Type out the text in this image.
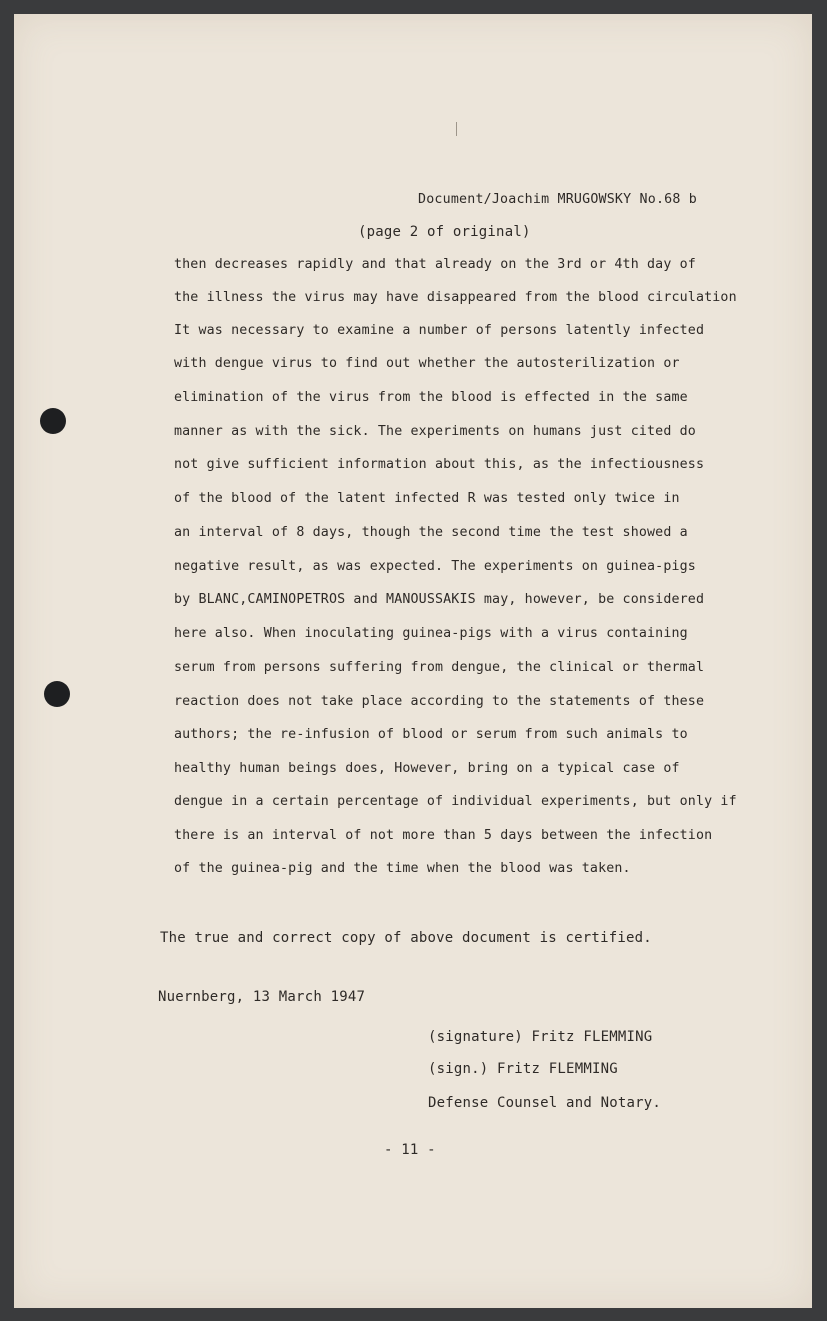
Document/Joachim MRUGOWSKY No.68 b
(page 2 of original)
then decreases rapidly and that already on the 3rd or 4th day of
the illness the virus may have disappeared from the blood circulation
It was necessary to examine a number of persons latently infected
with dengue virus to find out whether the autosterilization or
elimination of the virus from the blood is effected in the same
manner as with the sick. The experiments on humans just cited do
not give sufficient information about this, as the infectiousness
of the blood of the latent infected R was tested only twice in
an interval of 8 days, though the second time the test showed a
negative result, as was expected. The experiments on guinea-pigs
by BLANC,CAMINOPETROS and MANOUSSAKIS may, however, be considered
here also. When inoculating guinea-pigs with a virus containing
serum from persons suffering from dengue, the clinical or thermal
reaction does not take place according to the statements of these
authors; the re-infusion of blood or serum from such animals to
healthy human beings does, However, bring on a typical case of
dengue in a certain percentage of individual experiments, but only if
there is an interval of not more than 5 days between the infection
of the guinea-pig and the time when the blood was taken.
The true and correct copy of above document is certified.
Nuernberg, 13 March 1947
(signature) Fritz FLEMMING
(sign.) Fritz FLEMMING
Defense Counsel and Notary.
- 11 -
